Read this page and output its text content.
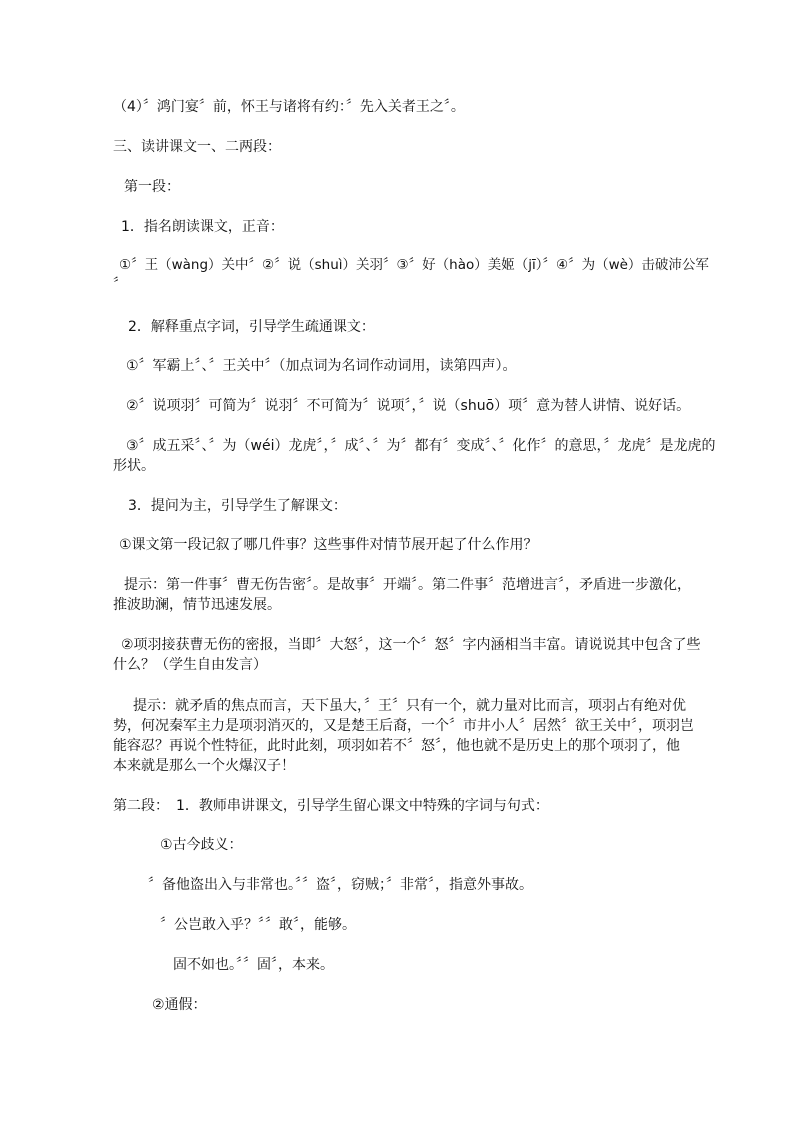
（4）〞鸿门宴〞前，怀王与诸将有约：〞先入关者王之〞。
三、读讲课文一、二两段：
第一段：
1．指名朗读课文，正音：
①〞王（wàng）关中〞②〞说（shuì）关羽〞③〞好（hào）美姬（jī）〞④〞为（wè）击破沛公军
〞
2．解释重点字词，引导学生疏通课文：
①〞军霸上〞、〞王关中〞（加点词为名词作动词用，读第四声）。
②〞说项羽〞可简为〞说羽〞不可简为〞说项〞，〞说（shuō）项〞意为替人讲情、说好话。
③〞成五采〞、〞为（wéi）龙虎〞，〞成〞、〞为〞都有〞变成〞、〞化作〞的意思，〞龙虎〞是龙虎的
形状。
3．提问为主，引导学生了解课文：
①课文第一段记叙了哪几件事？这些事件对情节展开起了什么作用？
提示：第一件事〞曹无伤告密〞。是故事〞开端〞。第二件事〞范增进言〞，矛盾进一步激化，
推波助澜，情节迅速发展。
②项羽接获曹无伤的密报，当即〞大怒〞，这一个〞怒〞字内涵相当丰富。请说说其中包含了些
什么？（学生自由发言）
提示：就矛盾的焦点而言，天下虽大，〞王〞只有一个，就力量对比而言，项羽占有绝对优
势，何况秦军主力是项羽消灭的，又是楚王后裔，一个〞市井小人〞居然〞欲王关中〞，项羽岂
能容忍？再说个性特征，此时此刻，项羽如若不〞怒〞，他也就不是历史上的那个项羽了，他
本来就是那么一个火爆汉子！
第二段：　1．教师串讲课文，引导学生留心课文中特殊的字词与句式：
①古今歧义：
〞备他盗出入与非常也。〞〞盗〞，窃贼；〞非常〞，指意外事故。
〞公岂敢入乎？〞〞敢〞，能够。
固不如也。〞〞固〞，本来。
②通假：
